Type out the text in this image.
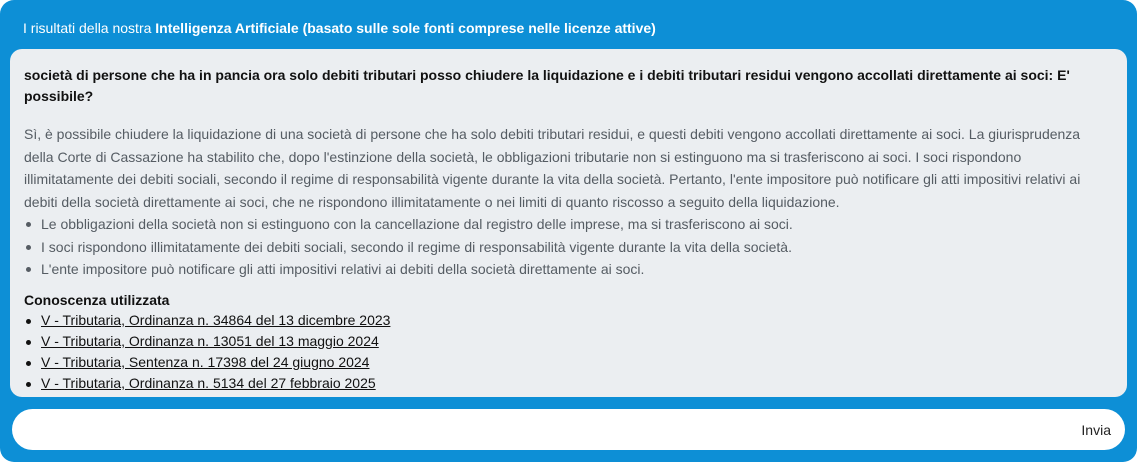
I risultati della nostra Intelligenza Artificiale (basato sulle sole fonti comprese nelle licenze attive)

società di persone che ha in pancia ora solo debiti tributari posso chiudere la liquidazione e i debiti tributari residui vengono accollati direttamente ai soci: E' possibile?

Sì, è possibile chiudere la liquidazione di una società di persone che ha solo debiti tributari residui, e questi debiti vengono accollati direttamente ai soci. La giurisprudenza della Corte di Cassazione ha stabilito che, dopo l'estinzione della società, le obbligazioni tributarie non si estinguono ma si trasferiscono ai soci. I soci rispondono illimitatamente dei debiti sociali, secondo il regime di responsabilità vigente durante la vita della società. Pertanto, l'ente impositore può notificare gli atti impositivi relativi ai debiti della società direttamente ai soci, che ne rispondono illimitatamente o nei limiti di quanto riscosso a seguito della liquidazione.
Le obbligazioni della società non si estinguono con la cancellazione dal registro delle imprese, ma si trasferiscono ai soci.
I soci rispondono illimitatamente dei debiti sociali, secondo il regime di responsabilità vigente durante la vita della società.
L'ente impositore può notificare gli atti impositivi relativi ai debiti della società direttamente ai soci.
Conoscenza utilizzata
V - Tributaria, Ordinanza n. 34864 del 13 dicembre 2023
V - Tributaria, Ordinanza n. 13051 del 13 maggio 2024
V - Tributaria, Sentenza n. 17398 del 24 giugno 2024
V - Tributaria, Ordinanza n. 5134 del 27 febbraio 2025
Invia
